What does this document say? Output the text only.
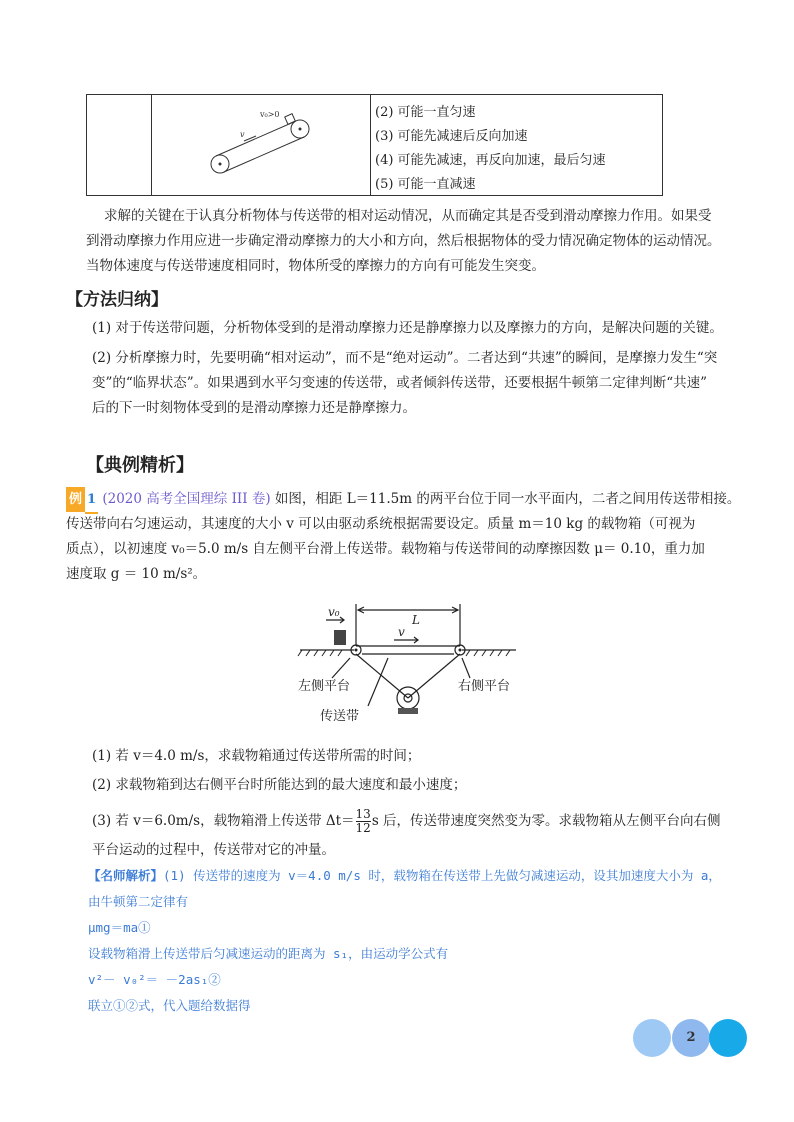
v₀>0
v
(2) 可能一直匀速
(3) 可能先减速后反向加速
(4) 可能先减速，再反向加速，最后匀速
(5) 可能一直减速
求解的关键在于认真分析物体与传送带的相对运动情况，从而确定其是否受到滑动摩擦力作用。如果受
到滑动摩擦力作用应进一步确定滑动摩擦力的大小和方向，然后根据物体的受力情况确定物体的运动情况。
当物体速度与传送带速度相同时，物体所受的摩擦力的方向有可能发生突变。
【方法归纳】
(1) 对于传送带问题，分析物体受到的是滑动摩擦力还是静摩擦力以及摩擦力的方向，是解决问题的关键。
(2) 分析摩擦力时，先要明确“相对运动”，而不是“绝对运动”。二者达到“共速”的瞬间，是摩擦力发生“突
变”的“临界状态”。如果遇到水平匀变速的传送带，或者倾斜传送带，还要根据牛顿第二定律判断“共速”
后的下一时刻物体受到的是滑动摩擦力还是静摩擦力。
【典例精析】
例 1 (2020 高考全国理综 III 卷) 如图，相距 L＝11.5m 的两平台位于同一水平面内，二者之间用传送带相接。
传送带向右匀速运动，其速度的大小 v 可以由驱动系统根据需要设定。质量 m＝10 kg 的载物箱（可视为
质点），以初速度 v₀＝5.0 m/s 自左侧平台滑上传送带。载物箱与传送带间的动摩擦因数 μ＝ 0.10，重力加
速度取 g ＝ 10 m/s²。
v₀
L
v
左侧平台	右侧平台
传送带
(1) 若 v＝4.0 m/s，求载物箱通过传送带所需的时间；
(2) 求载物箱到达右侧平台时所能达到的最大速度和最小速度；
(3) 若 v＝6.0m/s，载物箱滑上传送带 $\Delta t= \frac{13}{12}$ s 后，传送带速度突然变为零。求载物箱从左侧平台向右侧
平台运动的过程中，传送带对它的冲量。
【名师解析】(1) 传送带的速度为 v＝4.0 m/s 时，载物箱在传送带上先做匀减速运动，设其加速度大小为 a，
由牛顿第二定律有
μmg＝ma①
设载物箱滑上传送带后匀减速运动的距离为 s₁，由运动学公式有
v²－ v₀²＝ －2as₁②
联立①②式，代入题给数据得
2
